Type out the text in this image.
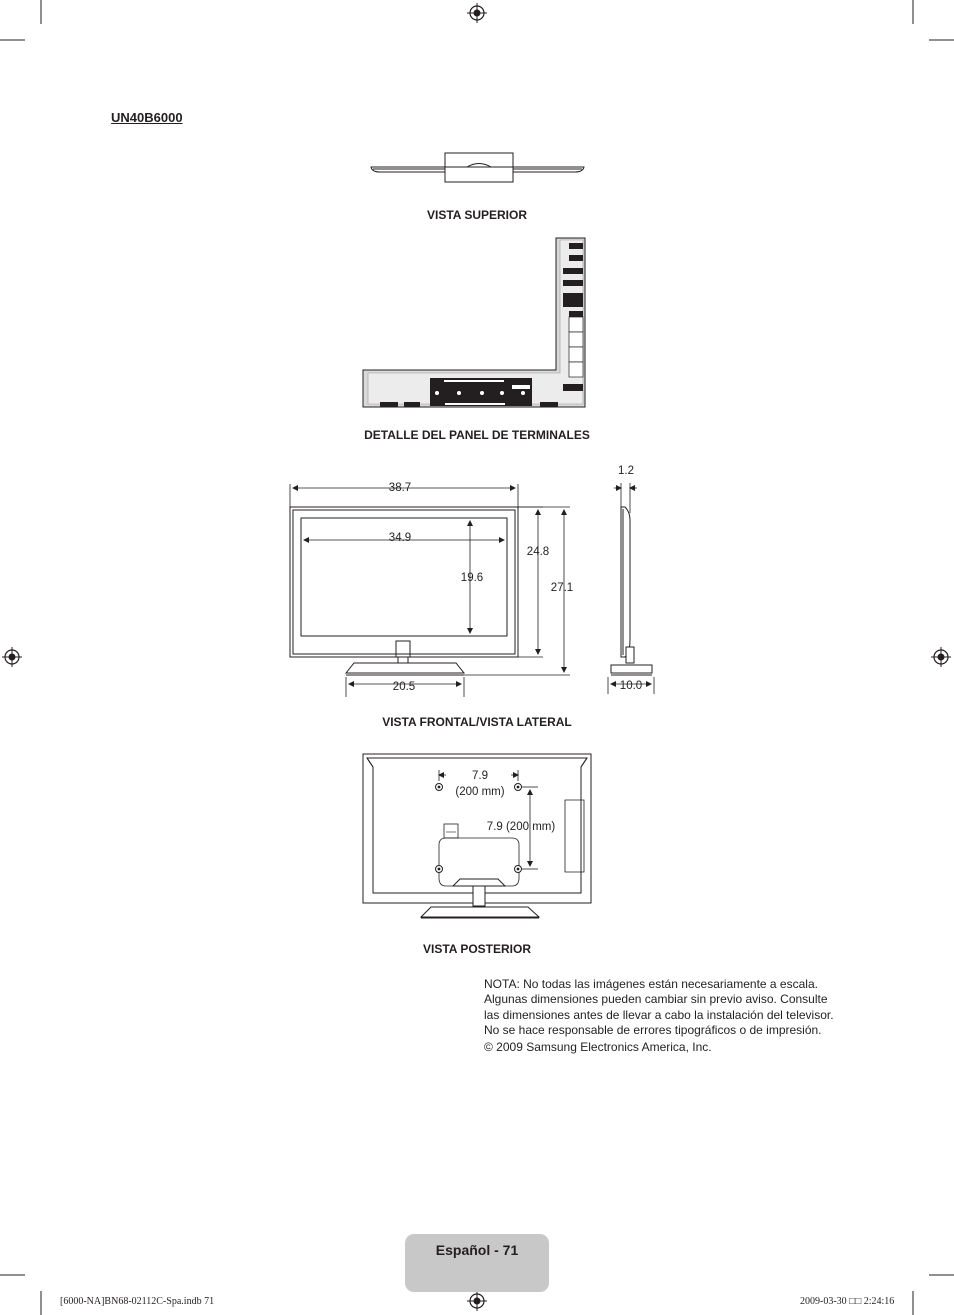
38.7
34.9
19.6
24.8
27.1
20.5
1.2
10.0
7.9
(200 mm)
7.9 (200 mm)
UN40B6000
VISTA SUPERIOR
DETALLE DEL PANEL DE TERMINALES
VISTA FRONTAL/VISTA LATERAL
VISTA POSTERIOR

NOTA: No todas las imágenes están necesariamente a escala. Algunas dimensiones pueden cambiar sin previo aviso. Consulte las dimensiones antes de llevar a cabo la instalación del televisor. No se hace responsable de errores tipográficos o de impresión.

© 2009 Samsung Electronics America, Inc.

Español - 71
[6000-NA]BN68-02112C-Spa.indb 71	2009-03-30 □□ 2:24:16
